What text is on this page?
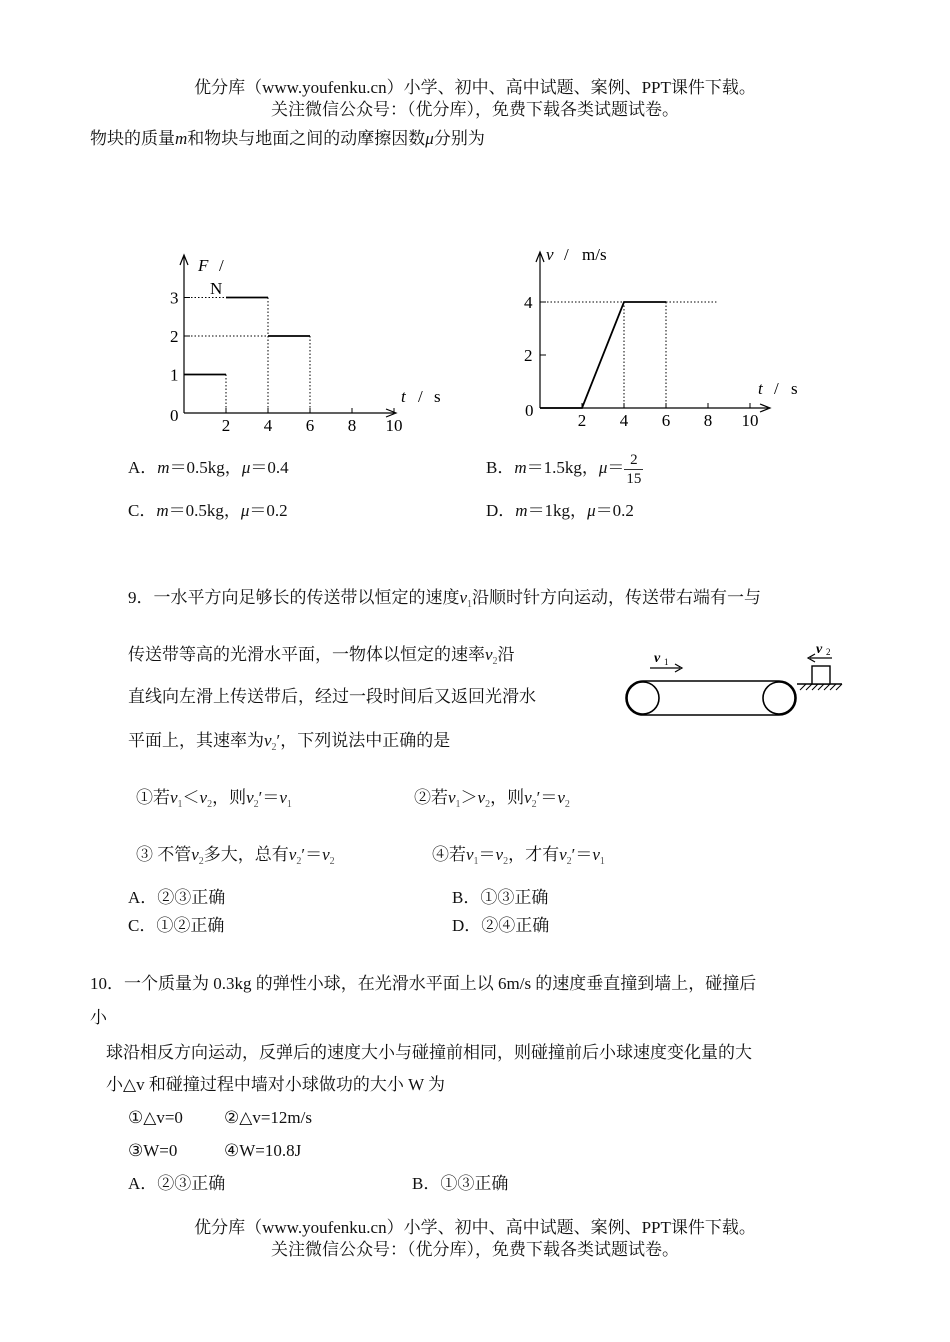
优分库（www.youfenku.cn）小学、初中、高中试题、案例、PPT课件下载。
关注微信公众号：（优分库），免费下载各类试题试卷。
物块的质量m和物块与地面之间的动摩擦因数μ分别为
1
2
3
2 4 6 8 10
F /
N
t / s
0
2
4
2 4 6 8 10
v / m/s
t / s
0
A．m＝0.5kg，μ＝0.4	B．m＝1.5kg，$\mu= \frac{2}{15}$
C．m＝0.5kg，μ＝0.2	D．m＝1kg，μ＝0.2
9．一水平方向足够长的传送带以恒定的速度$v_1$沿顺时针方向运动，传送带右端有一与
传送带等高的光滑水平面，一物体以恒定的速率$v_2$沿
直线向左滑上传送带后，经过一段时间后又返回光滑水
平面上，其速率为$v_2'$，下列说法中正确的是
v 1
v 2
①若$v_1<v_2$，则$v_2'=v_1$	②若$v_1>v_2$，则$v_2'=v_2$
③ 不管$v_2$多大，总有$v_2'=v_2$	④若$v_1=v_2$，才有$v_2'=v_1$
A．②③正确	B．①③正确
C．①②正确	D．②④正确
10．一个质量为 0.3kg 的弹性小球，在光滑水平面上以 6m/s 的速度垂直撞到墙上，碰撞后
小
球沿相反方向运动，反弹后的速度大小与碰撞前相同，则碰撞前后小球速度变化量的大
小△v 和碰撞过程中墙对小球做功的大小 W 为
①△v=0 ②△v=12m/s
③W=0	④W=10.8J
A．②③正确	B．①③正确
优分库（www.youfenku.cn）小学、初中、高中试题、案例、PPT课件下载。
关注微信公众号：（优分库），免费下载各类试题试卷。
